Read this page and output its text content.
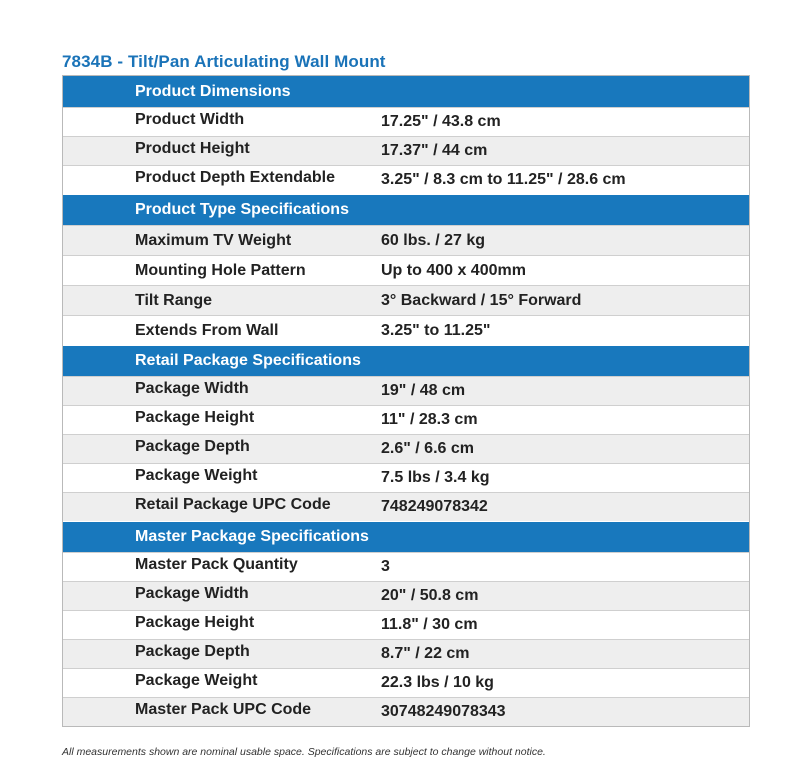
7834B - Tilt/Pan Articulating Wall Mount
Product Dimensions
Product Width	17.25" / 43.8 cm
Product Height	17.37" / 44 cm
Product Depth Extendable	3.25" / 8.3 cm to 11.25" / 28.6 cm
Product Type Specifications
Maximum TV Weight	60 lbs. / 27 kg
Mounting Hole Pattern	Up to 400 x 400mm
Tilt Range	3° Backward / 15° Forward
Extends From Wall	3.25" to 11.25"
Retail Package Specifications
Package Width	19" / 48 cm
Package Height	11" / 28.3 cm
Package Depth	2.6" / 6.6 cm
Package Weight	7.5 lbs / 3.4 kg
Retail Package UPC Code	748249078342
Master Package Specifications
Master Pack Quantity	3
Package Width	20" / 50.8 cm
Package Height	11.8" / 30 cm
Package Depth	8.7" / 22 cm
Package Weight	22.3 lbs / 10 kg
Master Pack UPC Code	30748249078343
All measurements shown are nominal usable space. Specifications are subject to change without notice.
